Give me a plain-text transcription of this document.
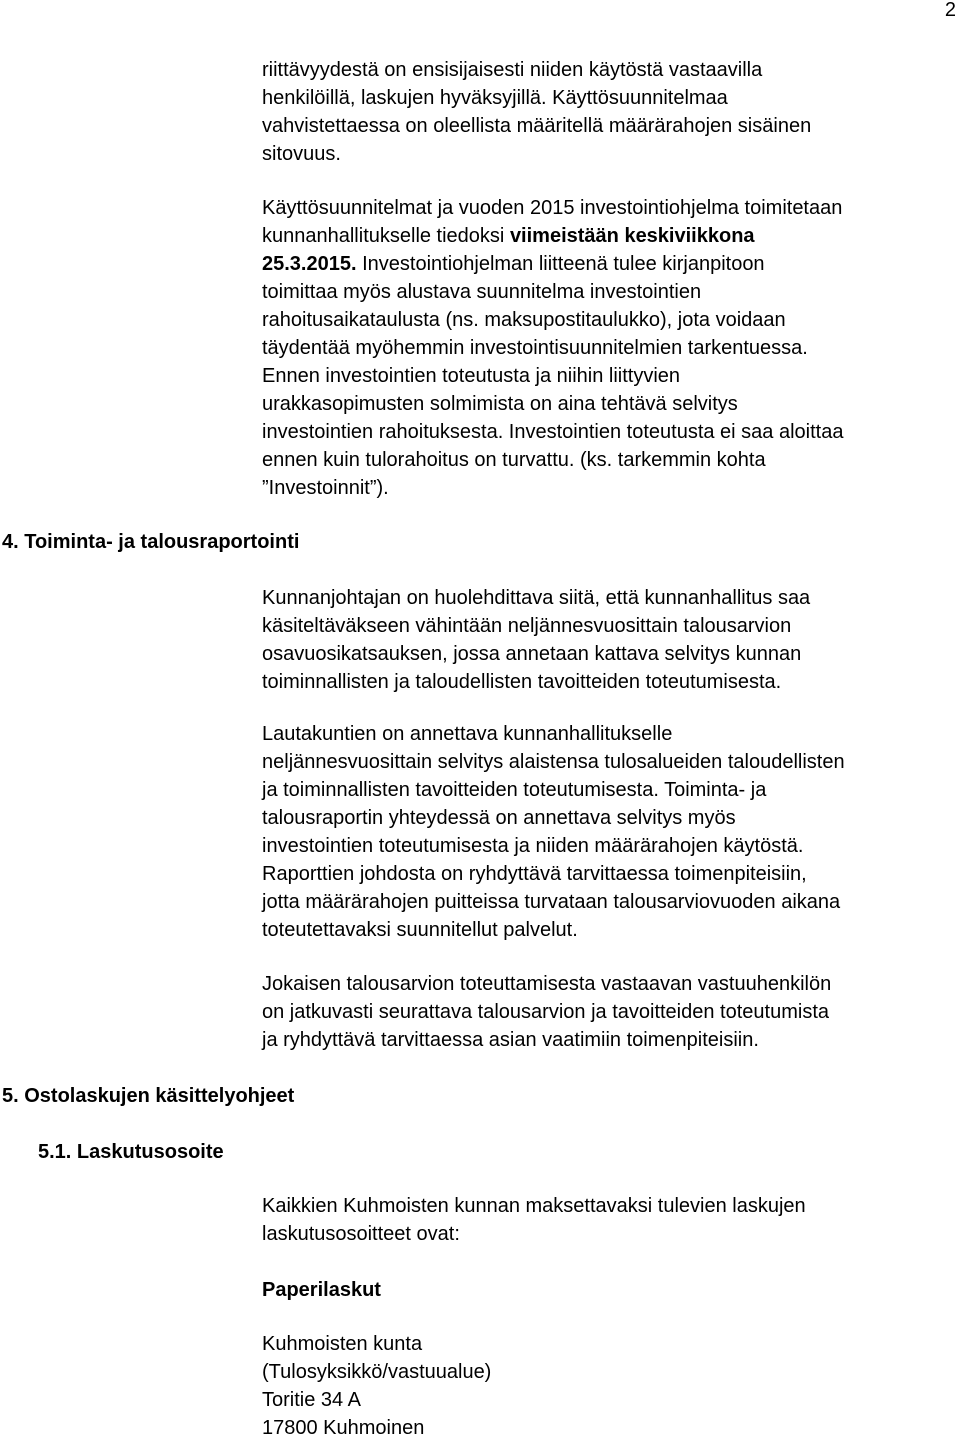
2

riittävyydestä on ensisijaisesti niiden käytöstä vastaavilla
henkilöillä, laskujen hyväksyjillä. Käyttösuunnitelmaa
vahvistettaessa on oleellista määritellä määrärahojen sisäinen
sitovuus.

Käyttösuunnitelmat ja vuoden 2015 investointiohjelma toimitetaan
kunnanhallitukselle tiedoksi viimeistään keskiviikkona
25.3.2015. Investointiohjelman liitteenä tulee kirjanpitoon
toimittaa myös alustava suunnitelma investointien
rahoitusaikataulusta (ns. maksupostitaulukko), jota voidaan
täydentää myöhemmin investointisuunnitelmien tarkentuessa.
Ennen investointien toteutusta ja niihin liittyvien
urakkasopimusten solmimista on aina tehtävä selvitys
investointien rahoituksesta. Investointien toteutusta ei saa aloittaa
ennen kuin tulorahoitus on turvattu. (ks. tarkemmin kohta
”Investoinnit”).

4. Toiminta- ja talousraportointi

Kunnanjohtajan on huolehdittava siitä, että kunnanhallitus saa
käsiteltäväkseen vähintään neljännesvuosittain talousarvion
osavuosikatsauksen, jossa annetaan kattava selvitys kunnan
toiminnallisten ja taloudellisten tavoitteiden toteutumisesta.

Lautakuntien on annettava kunnanhallitukselle
neljännesvuosittain selvitys alaistensa tulosalueiden taloudellisten
ja toiminnallisten tavoitteiden toteutumisesta. Toiminta- ja
talousraportin yhteydessä on annettava selvitys myös
investointien toteutumisesta ja niiden määrärahojen käytöstä.
Raporttien johdosta on ryhdyttävä tarvittaessa toimenpiteisiin,
jotta määrärahojen puitteissa turvataan talousarviovuoden aikana
toteutettavaksi suunnitellut palvelut.

Jokaisen talousarvion toteuttamisesta vastaavan vastuuhenkilön
on jatkuvasti seurattava talousarvion ja tavoitteiden toteutumista
ja ryhdyttävä tarvittaessa asian vaatimiin toimenpiteisiin.

5. Ostolaskujen käsittelyohjeet
5.1. Laskutusosoite

Kaikkien Kuhmoisten kunnan maksettavaksi tulevien laskujen
laskutusosoitteet ovat:

Paperilaskut

Kuhmoisten kunta
(Tulosyksikkö/vastuualue)
Toritie 34 A
17800 Kuhmoinen
